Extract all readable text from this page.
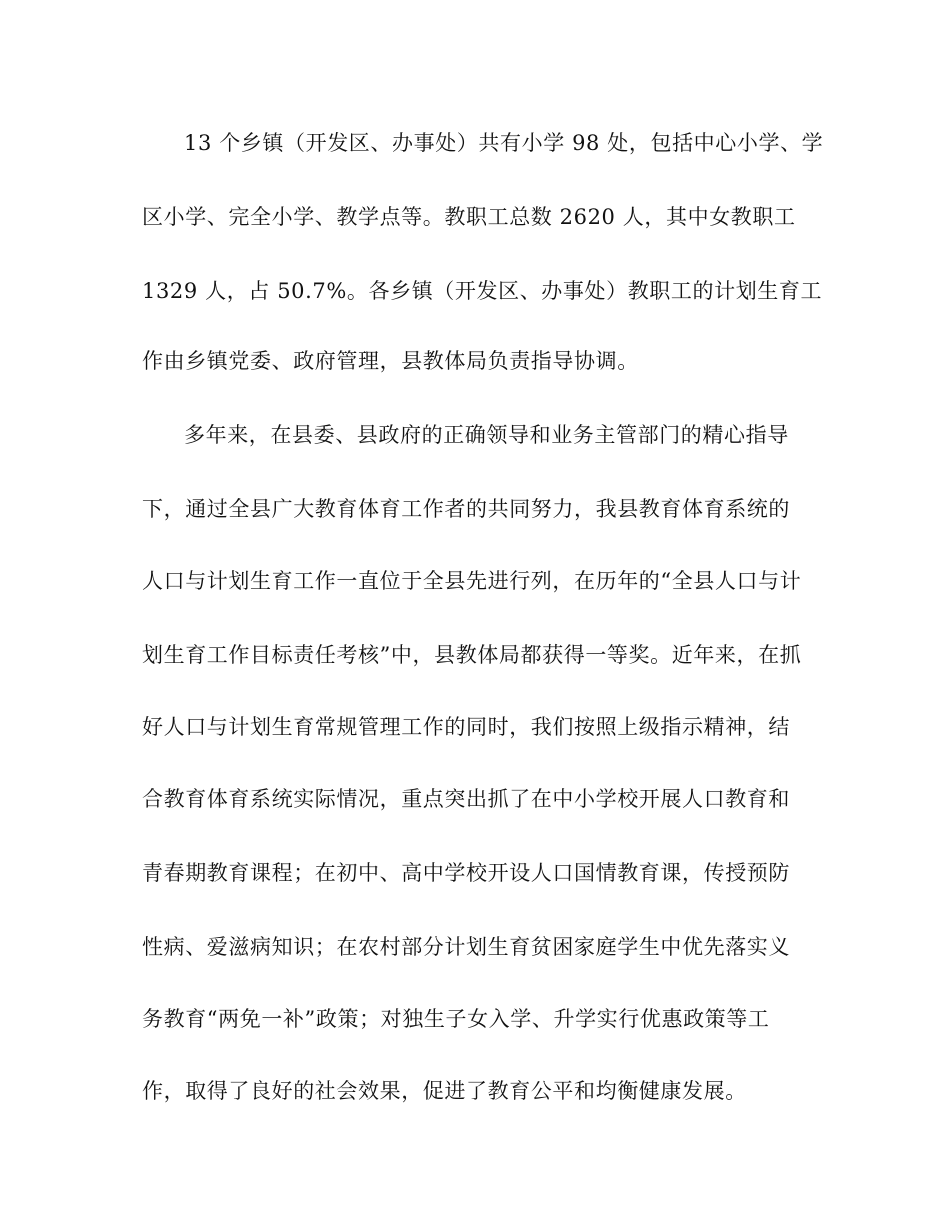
13 个乡镇（开发区、办事处）共有小学 98 处，包括中心小学、学
区小学、完全小学、教学点等。教职工总数 2620 人，其中女教职工
1329 人，占 50.7%。各乡镇（开发区、办事处）教职工的计划生育工
作由乡镇党委、政府管理，县教体局负责指导协调。
多年来，在县委、县政府的正确领导和业务主管部门的精心指导
下，通过全县广大教育体育工作者的共同努力，我县教育体育系统的
人口与计划生育工作一直位于全县先进行列，在历年的“全县人口与计
划生育工作目标责任考核”中，县教体局都获得一等奖。近年来，在抓
好人口与计划生育常规管理工作的同时，我们按照上级指示精神，结
合教育体育系统实际情况，重点突出抓了在中小学校开展人口教育和
青春期教育课程；在初中、高中学校开设人口国情教育课，传授预防
性病、爱滋病知识；在农村部分计划生育贫困家庭学生中优先落实义
务教育“两免一补”政策；对独生子女入学、升学实行优惠政策等工
作，取得了良好的社会效果，促进了教育公平和均衡健康发展。
